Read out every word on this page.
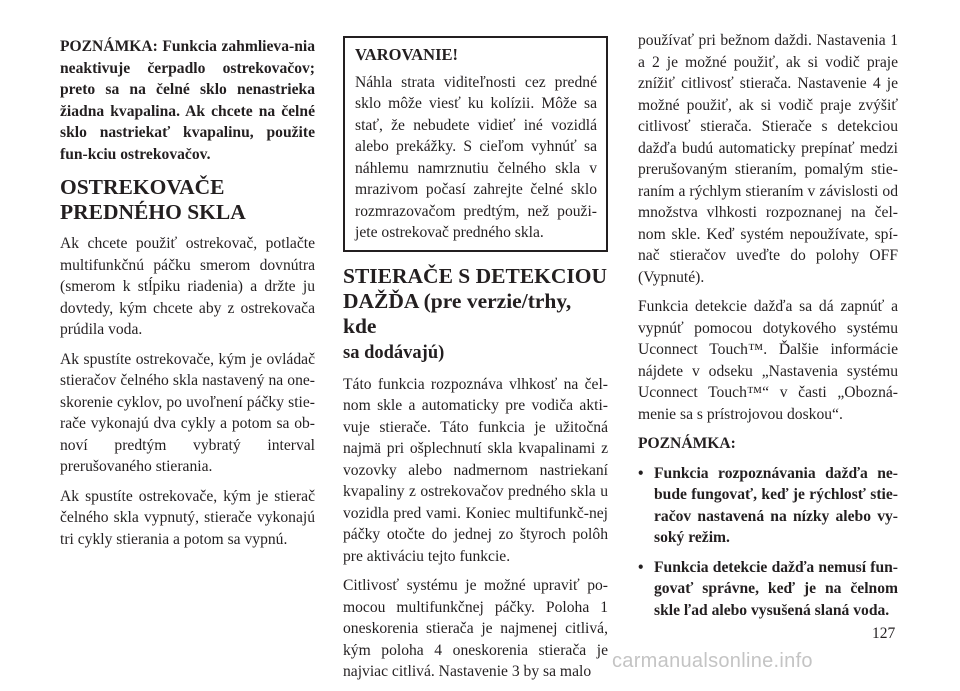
POZNÁMKA: Funkcia zahmlieva-nia neaktivuje čerpadlo ostrekovačov; preto sa na čelné sklo nenastrieka žiadna kvapalina. Ak chcete na čelné sklo nastriekať kvapalinu, použite fun-kciu ostrekovačov.

OSTREKOVAČE
PREDNÉHO SKLA

Ak chcete použiť ostrekovač, potlačte multifunkčnú páčku smerom dovnútra (smerom k stĺpiku riadenia) a držte ju dovtedy, kým chcete aby z ostrekovača prúdila voda.

Ak spustíte ostrekovače, kým je ovládač stieračov čelného skla nastavený na one-skorenie cyklov, po uvoľnení páčky stie-rače vykonajú dva cykly a potom sa ob-noví predtým vybratý interval prerušovaného stierania.

Ak spustíte ostrekovače, kým je stierač čelného skla vypnutý, stierače vykonajú tri cykly stierania a potom sa vypnú.

VAROVANIE!

Náhla strata viditeľnosti cez predné sklo môže viesť ku kolízii. Môže sa stať, že nebudete vidieť iné vozidlá alebo prekážky. S cieľom vyhnúť sa náhlemu namrznutiu čelného skla v mrazivom počasí zahrejte čelné sklo rozmrazovačom predtým, než použi-jete ostrekovač predného skla.

STIERAČE S DETEKCIOU
DAŽĎA (pre verzie/trhy, kde
sa dodávajú)

Táto funkcia rozpoznáva vlhkosť na čel-nom skle a automaticky pre vodiča akti-vuje stierače. Táto funkcia je užitočná najmä pri ošplechnutí skla kvapalinami z vozovky alebo nadmernom nastriekaní kvapaliny z ostrekovačov predného skla u vozidla pred vami. Koniec multifunkč-nej páčky otočte do jednej zo štyroch polôh pre aktiváciu tejto funkcie.

Citlivosť systému je možné upraviť po-mocou multifunkčnej páčky. Poloha 1 oneskorenia stierača je najmenej citlivá, kým poloha 4 oneskorenia stierača je najviac citlivá. Nastavenie 3 by sa malo

používať pri bežnom daždi. Nastavenia 1 a 2 je možné použiť, ak si vodič praje znížiť citlivosť stierača. Nastavenie 4 je možné použiť, ak si vodič praje zvýšiť citlivosť stierača. Stierače s detekciou dažďa budú automaticky prepínať medzi prerušovaným stieraním, pomalým stie-raním a rýchlym stieraním v závislosti od množstva vlhkosti rozpoznanej na čel-nom skle. Keď systém nepoužívate, spí-nač stieračov uveďte do polohy OFF (Vypnuté).

Funkcia detekcie dažďa sa dá zapnúť a vypnúť pomocou dotykového systému Uconnect Touch™. Ďalšie informácie nájdete v odseku „Nastavenia systému Uconnect Touch™“ v časti „Obozná-menie sa s prístrojovou doskou“.

POZNÁMKA:

• Funkcia rozpoznávania dažďa ne-bude fungovať, keď je rýchlosť stie-račov nastavená na nízky alebo vy-soký režim.
• Funkcia detekcie dažďa nemusí fun-govať správne, keď je na čelnom skle ľad alebo vysušená slaná voda.
127
carmanualsonline.info
